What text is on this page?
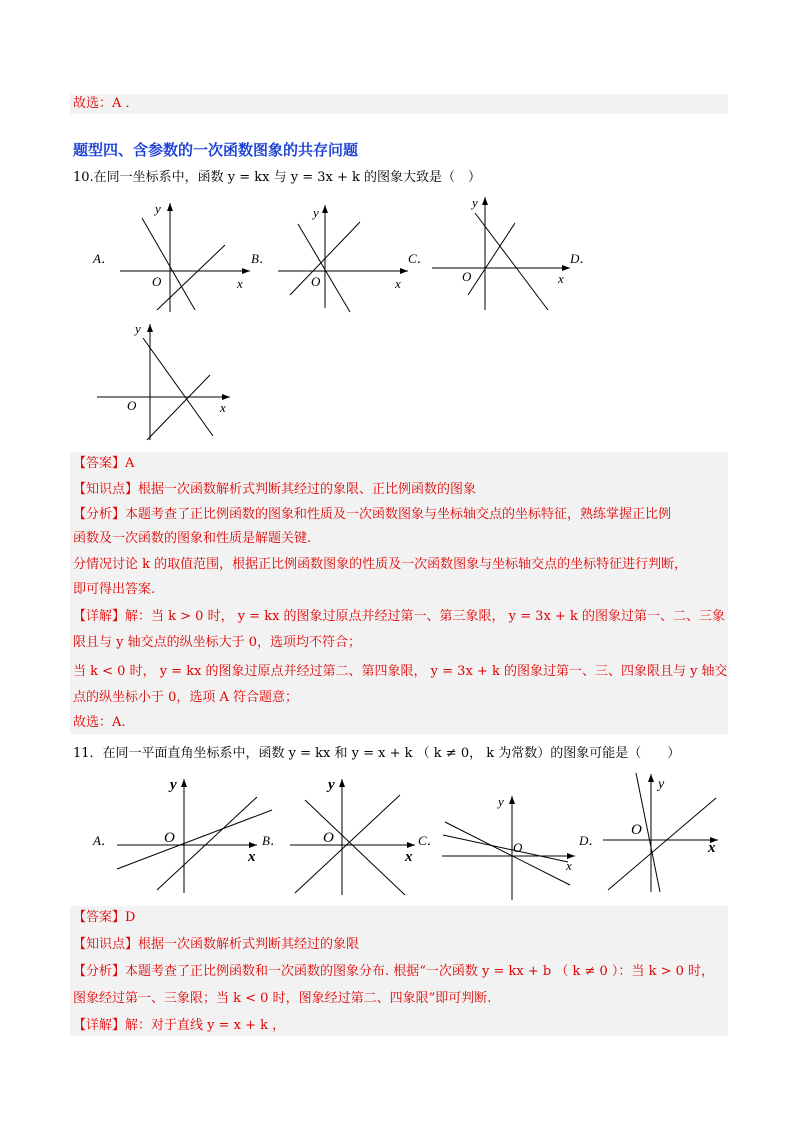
故选：A ．
题型四、含参数的一次函数图象的共存问题
10.在同一坐标系中，函数 y = kx 与 y = 3x + k 的图象大致是（　）
A．	B．	C．	D．
y
x
O
y
x
O
y
x
O
y
x
O
【答案】A
【知识点】根据一次函数解析式判断其经过的象限、正比例函数的图象
【分析】本题考查了正比例函数的图象和性质及一次函数图象与坐标轴交点的坐标特征，熟练掌握正比例
函数及一次函数的图象和性质是解题关键.
分情况讨论 k 的取值范围，根据正比例函数图象的性质及一次函数图象与坐标轴交点的坐标特征进行判断，
即可得出答案.
【详解】解：当 k > 0 时， y = kx 的图象过原点并经过第一、第三象限， y = 3x + k 的图象过第一、二、三象
限且与 y 轴交点的纵坐标大于 0，选项均不符合；
当 k < 0 时， y = kx 的图象过原点并经过第二、第四象限， y = 3x + k 的图象过第一、三、四象限且与 y 轴交
点的纵坐标小于 0，选项 A 符合题意；
故选：A.
11．在同一平面直角坐标系中，函数 y = kx 和 y = x + k （ k ≠ 0， k 为常数）的图象可能是（　　）
A．	B．	C．	D．
y
x
O
y
x
O
y
x
O
y
x
O
【答案】D
【知识点】根据一次函数解析式判断其经过的象限
【分析】本题考查了正比例函数和一次函数的图象分布. 根据“一次函数 y = kx + b （ k ≠ 0 ）：当 k > 0 时，
图象经过第一、三象限；当 k < 0 时，图象经过第二、四象限”即可判断.
【详解】解：对于直线 y = x + k ，
